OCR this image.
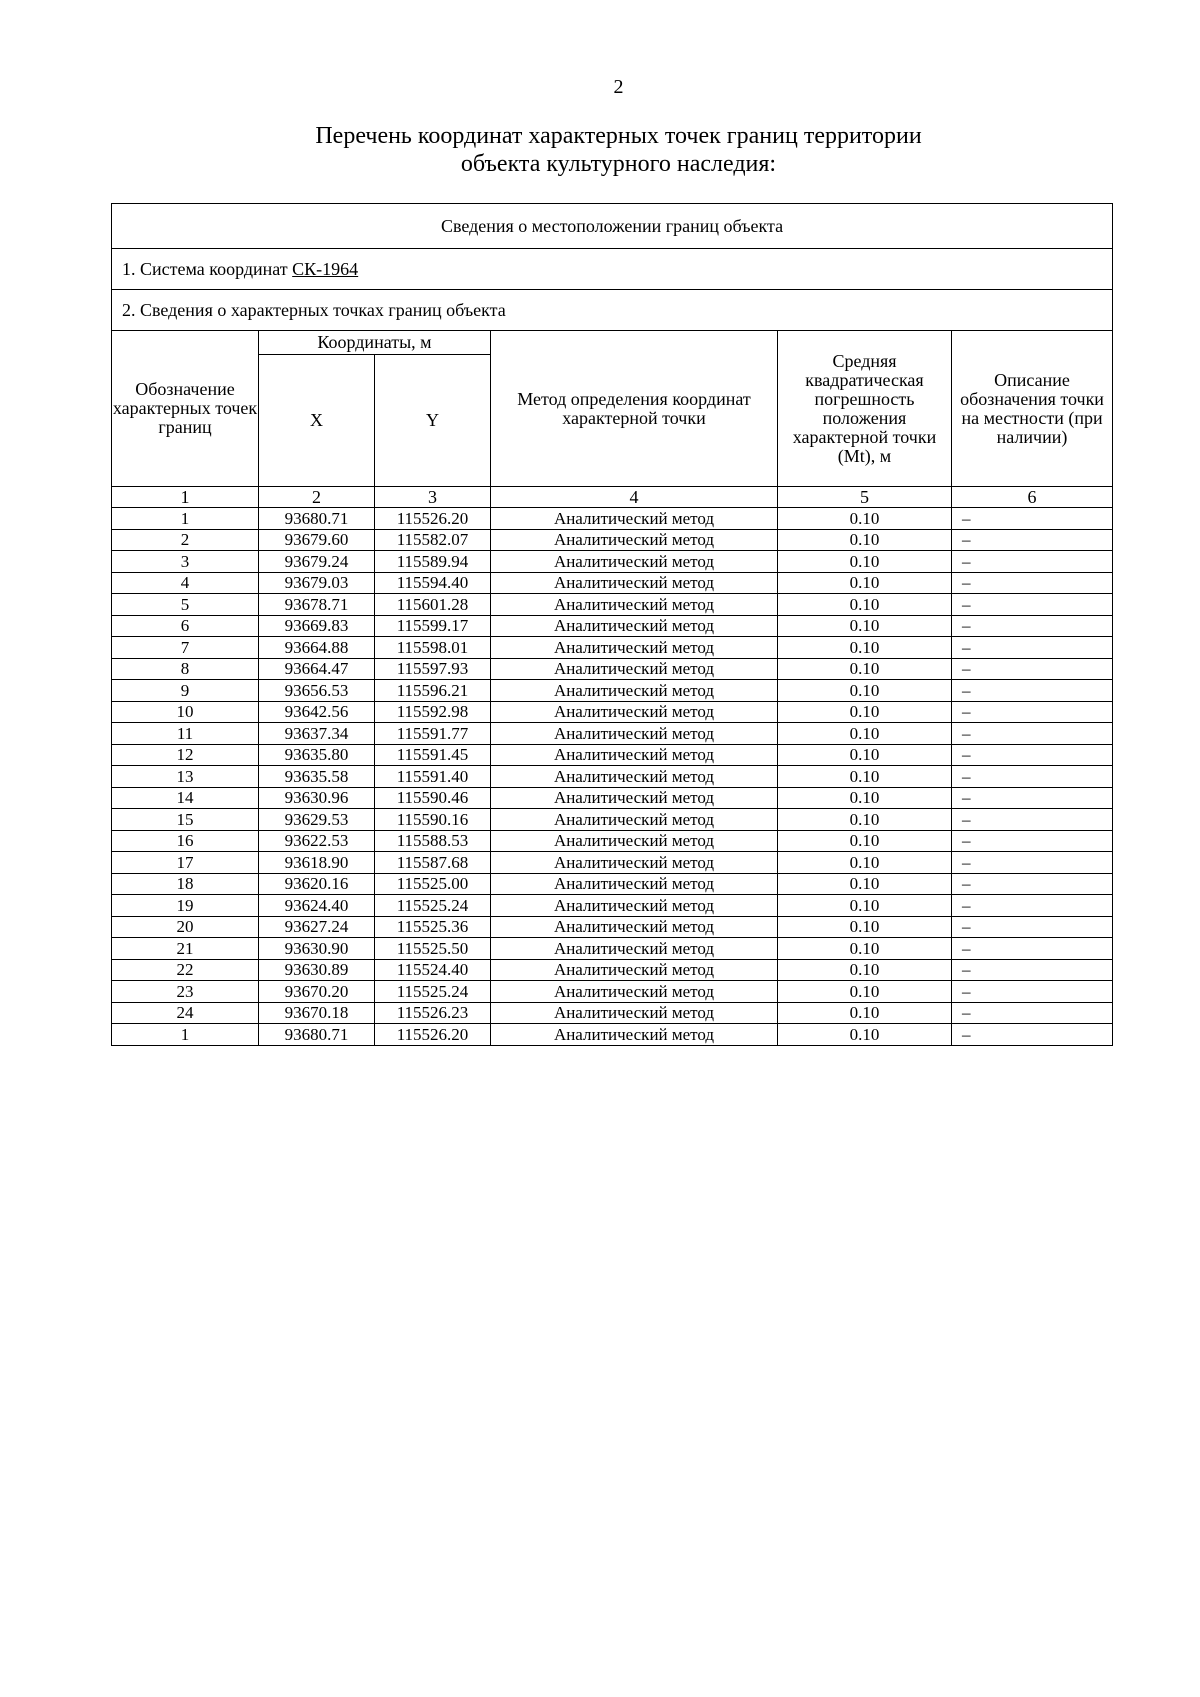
2
Перечень координат характерных точек границ территории
объекта культурного наследия:
Сведения о местоположении границ объекта					
1. Система координат СК-1964					
2. Сведения о характерных точках границ объекта					
Обозначение характерных точек границ	Координаты, м		Метод определения координат характерной точки	Средняя квадратическая погрешность положения характерной точки (Mt), м	Описание обозначения точки на местности (при наличии)
	X	Y			
1	2	3	4	5	6
1	93680.71	115526.20	Аналитический метод	0.10	–
2	93679.60	115582.07	Аналитический метод	0.10	–
3	93679.24	115589.94	Аналитический метод	0.10	–
4	93679.03	115594.40	Аналитический метод	0.10	–
5	93678.71	115601.28	Аналитический метод	0.10	–
6	93669.83	115599.17	Аналитический метод	0.10	–
7	93664.88	115598.01	Аналитический метод	0.10	–
8	93664.47	115597.93	Аналитический метод	0.10	–
9	93656.53	115596.21	Аналитический метод	0.10	–
10	93642.56	115592.98	Аналитический метод	0.10	–
11	93637.34	115591.77	Аналитический метод	0.10	–
12	93635.80	115591.45	Аналитический метод	0.10	–
13	93635.58	115591.40	Аналитический метод	0.10	–
14	93630.96	115590.46	Аналитический метод	0.10	–
15	93629.53	115590.16	Аналитический метод	0.10	–
16	93622.53	115588.53	Аналитический метод	0.10	–
17	93618.90	115587.68	Аналитический метод	0.10	–
18	93620.16	115525.00	Аналитический метод	0.10	–
19	93624.40	115525.24	Аналитический метод	0.10	–
20	93627.24	115525.36	Аналитический метод	0.10	–
21	93630.90	115525.50	Аналитический метод	0.10	–
22	93630.89	115524.40	Аналитический метод	0.10	–
23	93670.20	115525.24	Аналитический метод	0.10	–
24	93670.18	115526.23	Аналитический метод	0.10	–
1	93680.71	115526.20	Аналитический метод	0.10	–
